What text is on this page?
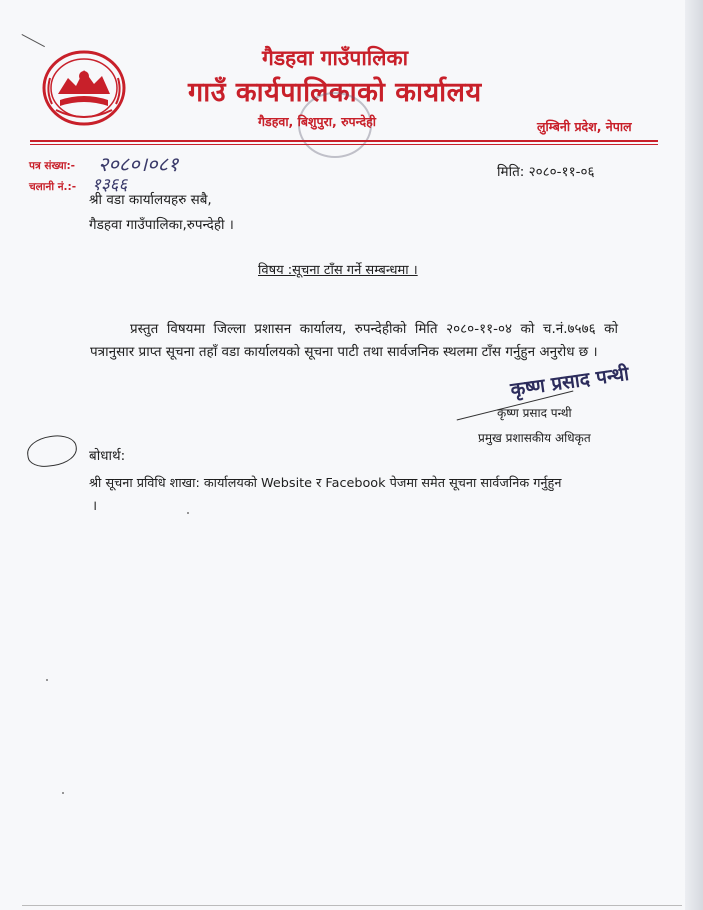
गैडहवा गाउँपालिका
गाउँ कार्यपालिकाको कार्यालय
गैडहवा, बिशुपुरा, रुपन्देही	लुम्बिनी प्रदेश, नेपाल
पत्र संख्या:- २०८०।०८१
चलानी नं.:- १३६६
मिति: २०८०-११-०६
श्री वडा कार्यालयहरु सबै,
गैडहवा गाउँपालिका,रुपन्देही ।
विषय :सूचना टाँस गर्ने सम्बन्धमा ।
प्रस्तुत विषयमा जिल्ला प्रशासन कार्यालय, रुपन्देहीको मिति २०८०-११-०४ को च.नं.७५७६ को पत्रानुसार प्राप्त सूचना तहाँ वडा कार्यालयको सूचना पाटी तथा सार्वजनिक स्थलमा टाँस गर्नुहुन अनुरोध छ ।
कृष्ण प्रसाद पन्थी
कृष्ण प्रसाद पन्थी
प्रमुख प्रशासकीय अधिकृत
बोधार्थ:
श्री सूचना प्रविधि शाखा: कार्यालयको Website र Facebook पेजमा समेत सूचना सार्वजनिक गर्नुहुन
।
